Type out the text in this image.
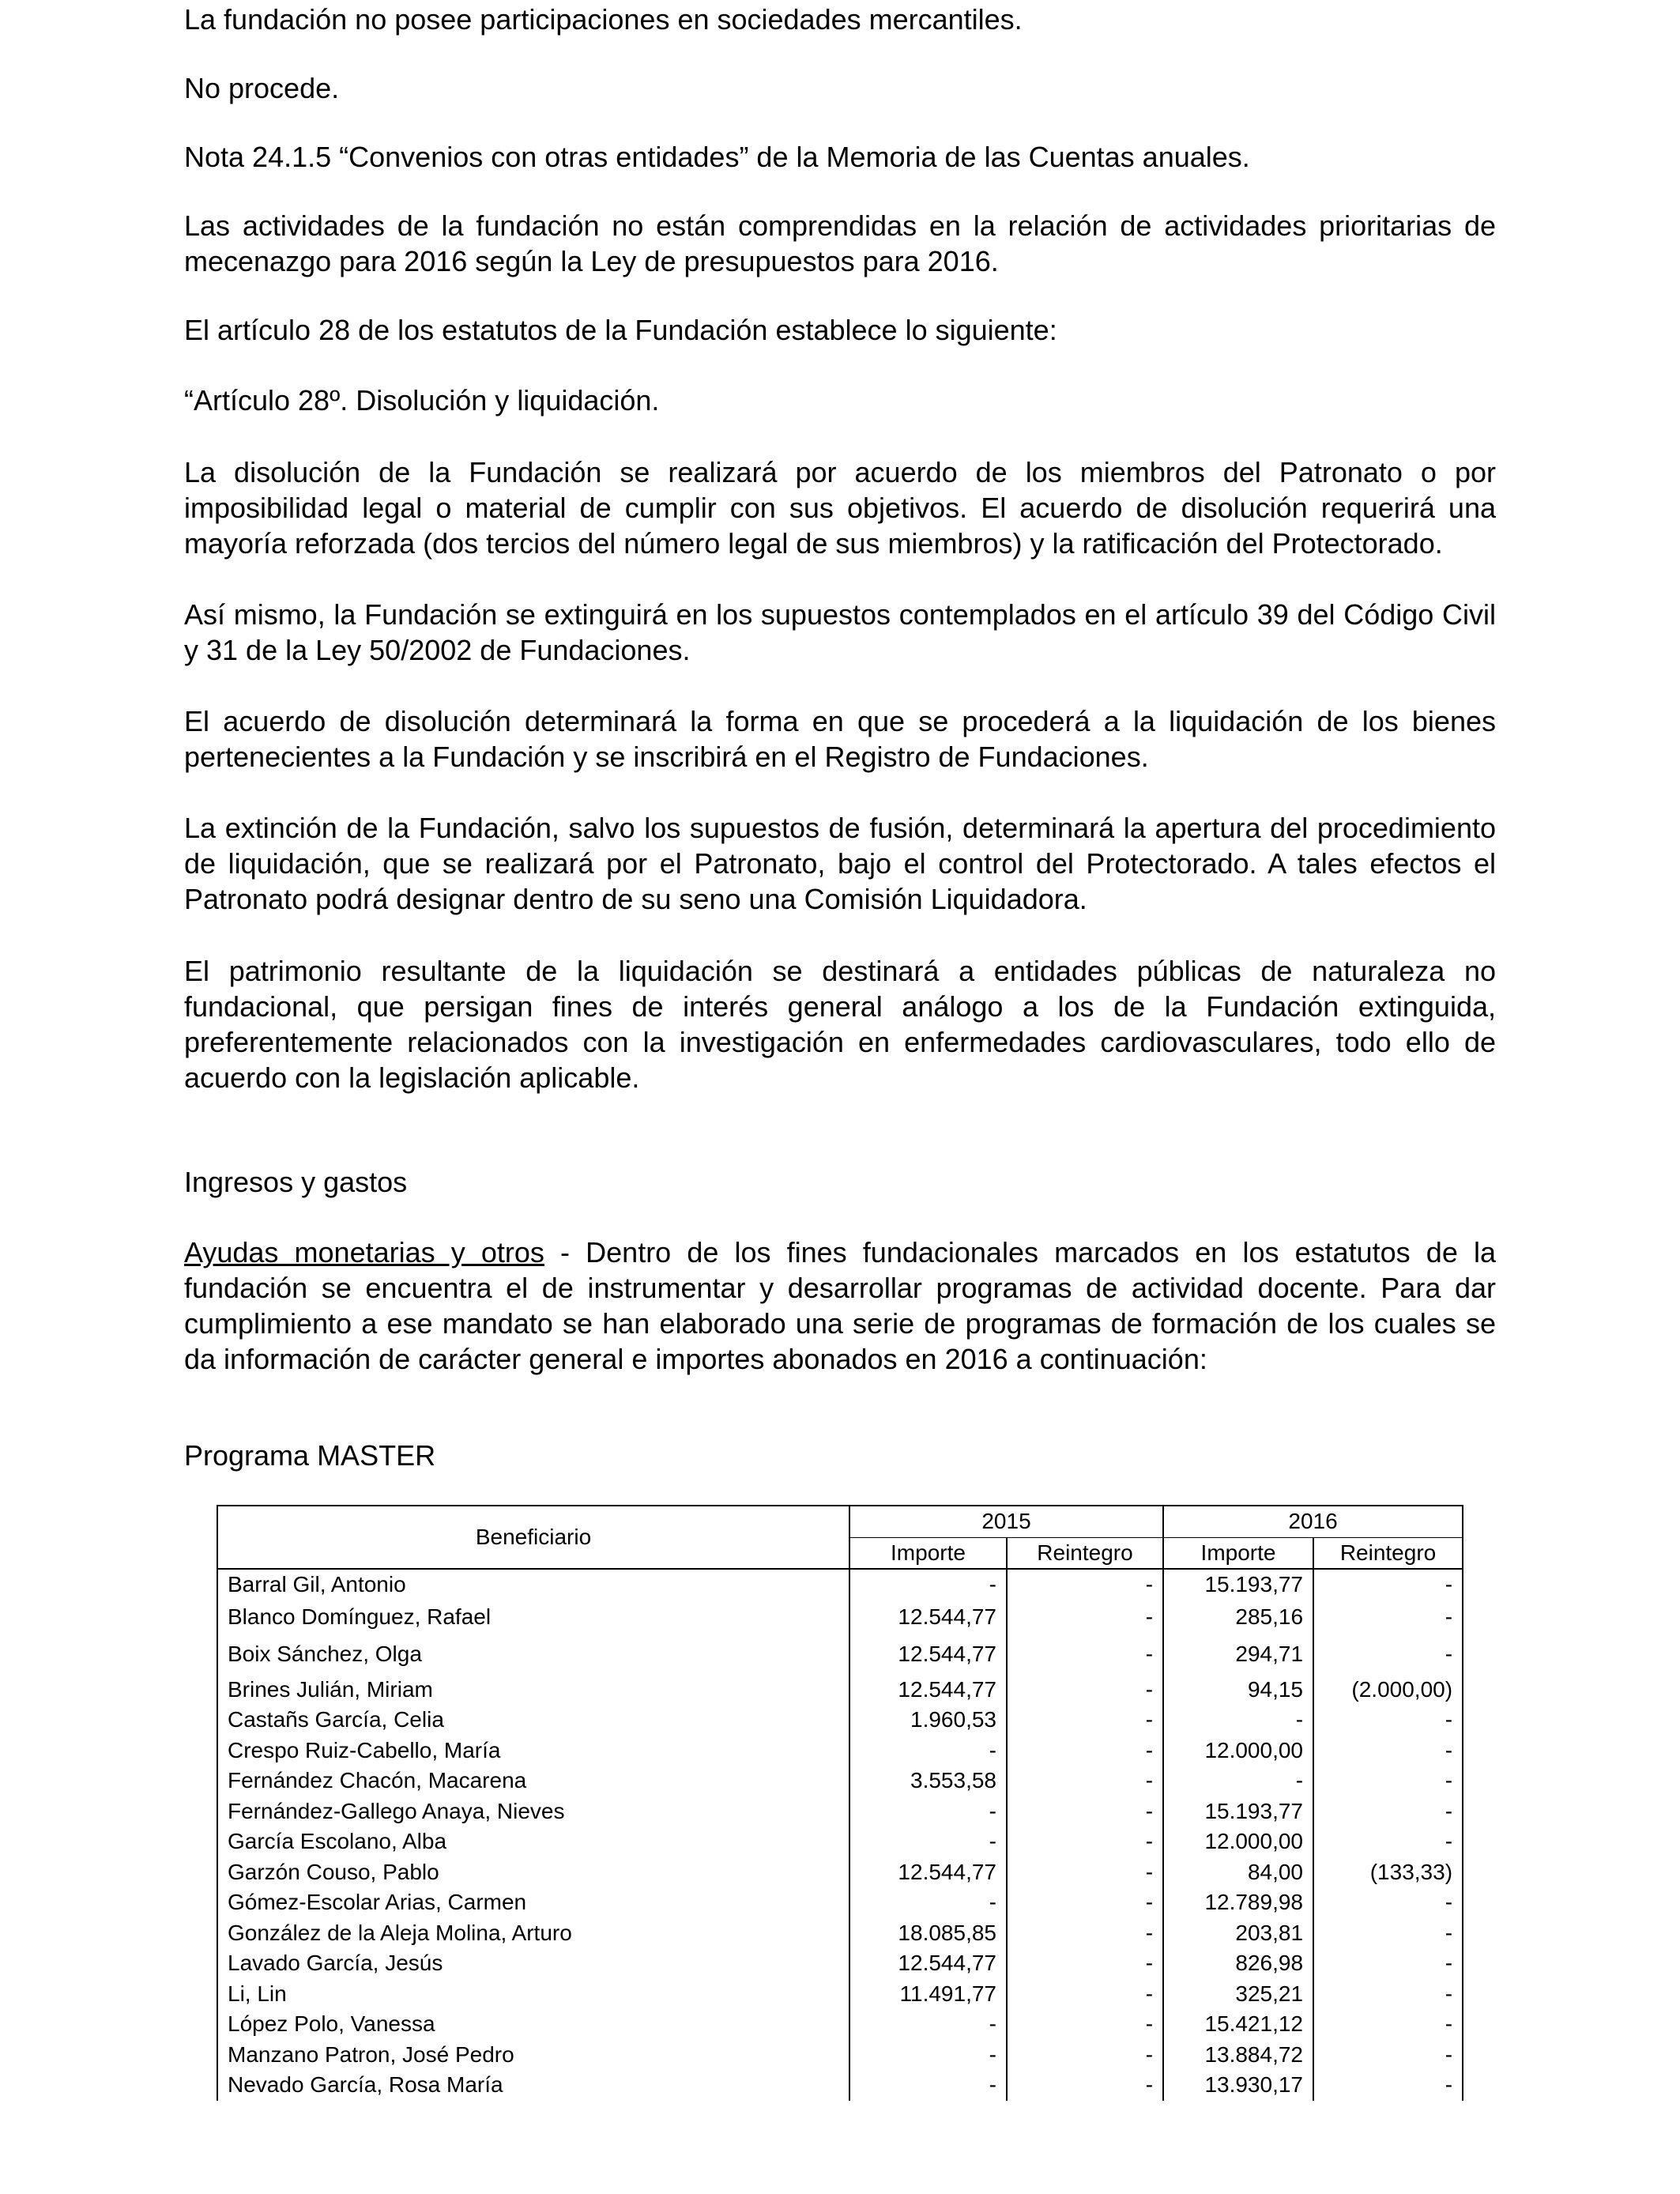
La fundación no posee participaciones en sociedades mercantiles.

No procede.

Nota 24.1.5 “Convenios con otras entidades” de la Memoria de las Cuentas anuales.

Las actividades de la fundación no están comprendidas en la relación de actividades prioritarias de mecenazgo para 2016 según la Ley de presupuestos para 2016.

El artículo 28 de los estatutos de la Fundación establece lo siguiente:

“Artículo 28º. Disolución y liquidación.

La disolución de la Fundación se realizará por acuerdo de los miembros del Patronato o por imposibilidad legal o material de cumplir con sus objetivos. El acuerdo de disolución requerirá una mayoría reforzada (dos tercios del número legal de sus miembros) y la ratificación del Protectorado.

Así mismo, la Fundación se extinguirá en los supuestos contemplados en el artículo 39 del Código Civil y 31 de la Ley 50/2002 de Fundaciones.

El acuerdo de disolución determinará la forma en que se procederá a la liquidación de los bienes pertenecientes a la Fundación y se inscribirá en el Registro de Fundaciones.

La extinción de la Fundación, salvo los supuestos de fusión, determinará la apertura del procedimiento de liquidación, que se realizará por el Patronato, bajo el control del Protectorado. A tales efectos el Patronato podrá designar dentro de su seno una Comisión Liquidadora.

El patrimonio resultante de la liquidación se destinará a entidades públicas de naturaleza no fundacional, que persigan fines de interés general análogo a los de la Fundación extinguida, preferentemente relacionados con la investigación en enfermedades cardiovasculares, todo ello de acuerdo con la legislación aplicable.

Ingresos y gastos

Ayudas monetarias y otros - Dentro de los fines fundacionales marcados en los estatutos de la fundación se encuentra el de instrumentar y desarrollar programas de actividad docente. Para dar cumplimiento a ese mandato se han elaborado una serie de programas de formación de los cuales se da información de carácter general e importes abonados en 2016 a continuación:

Programa MASTER

Beneficiario	2015		2016	
	Importe	Reintegro	Importe	Reintegro
Barral Gil, Antonio	-	-	15.193,77	-
Blanco Domínguez, Rafael	12.544,77	-	285,16	-
Boix Sánchez, Olga	12.544,77	-	294,71	-
Brines Julián, Miriam	12.544,77	-	94,15	(2.000,00)
Castañs García, Celia	1.960,53	-	-	-
Crespo Ruiz-Cabello, María	-	-	12.000,00	-
Fernández Chacón, Macarena	3.553,58	-	-	-
Fernández-Gallego Anaya, Nieves	-	-	15.193,77	-
García Escolano, Alba	-	-	12.000,00	-
Garzón Couso, Pablo	12.544,77	-	84,00	(133,33)
Gómez-Escolar Arias, Carmen	-	-	12.789,98	-
González de la Aleja Molina, Arturo	18.085,85	-	203,81	-
Lavado García, Jesús	12.544,77	-	826,98	-
Li, Lin	11.491,77	-	325,21	-
López Polo, Vanessa	-	-	15.421,12	-
Manzano Patron, José Pedro	-	-	13.884,72	-
Nevado García, Rosa María	-	-	13.930,17	-
